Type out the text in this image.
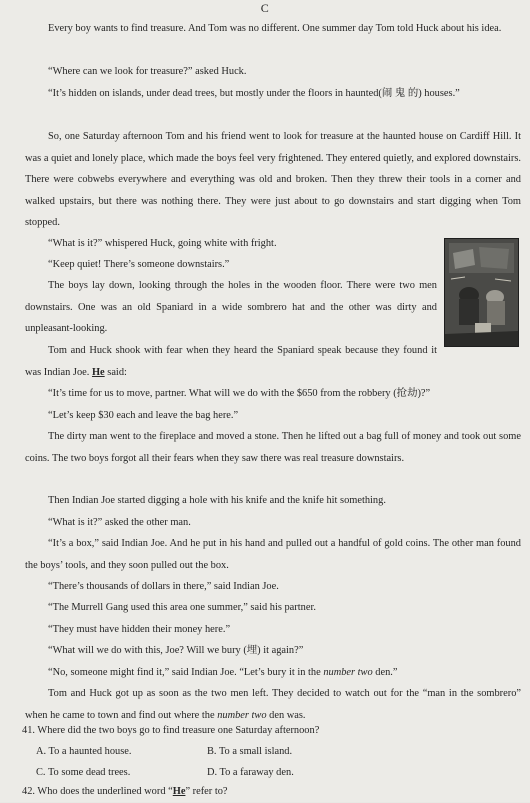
C

Every boy wants to find treasure. And Tom was no different. One summer day Tom told Huck about his idea.

“Where can we look for treasure?” asked Huck.

“It’s hidden on islands, under dead trees, but mostly under the floors in haunted(闹 鬼 的) houses.”

So, one Saturday afternoon Tom and his friend went to look for treasure at the haunted house on Cardiff Hill. It was a quiet and lonely place, which made the boys feel very frightened. They entered quietly, and explored downstairs. There were cobwebs everywhere and everything was old and broken. Then they threw their tools in a corner and walked upstairs, but there was nothing there. They were just about to go downstairs and start digging when Tom stopped.

“What is it?” whispered Huck, going white with fright.

“Keep quiet! There’s someone downstairs.”

The boys lay down, looking through the holes in the wooden floor. There were two men downstairs. One was an old Spaniard in a wide sombrero hat and the other was dirty and unpleasant-looking.

Tom and Huck shook with fear when they heard the Spaniard speak because they found it was Indian Joe. He said:

“It’s time for us to move, partner. What will we do with the $650 from the robbery (抢劫)?”

“Let’s keep $30 each and leave the bag here.”

The dirty man went to the fireplace and moved a stone. Then he lifted out a bag full of money and took out some coins. The two boys forgot all their fears when they saw there was real treasure downstairs.

Then Indian Joe started digging a hole with his knife and the knife hit something.

“What is it?” asked the other man.

“It’s a box,” said Indian Joe. And he put in his hand and pulled out a handful of gold coins. The other man found the boys’ tools, and they soon pulled out the box.

“There’s thousands of dollars in there,” said Indian Joe.

“The Murrell Gang used this area one summer,” said his partner.

“They must have hidden their money here.”

“What will we do with this, Joe? Will we bury (埋) it again?”

“No, someone might find it,” said Indian Joe. “Let’s bury it in the number two den.”

Tom and Huck got up as soon as the two men left. They decided to watch out for the “man in the sombrero” when he came to town and find out where the number two den was.

41. Where did the two boys go to find treasure one Saturday afternoon?

A. To a haunted house.	B. To a small island.
C. To some dead trees.	D. To a faraway den.

42. Who does the underlined word “He” refer to?
